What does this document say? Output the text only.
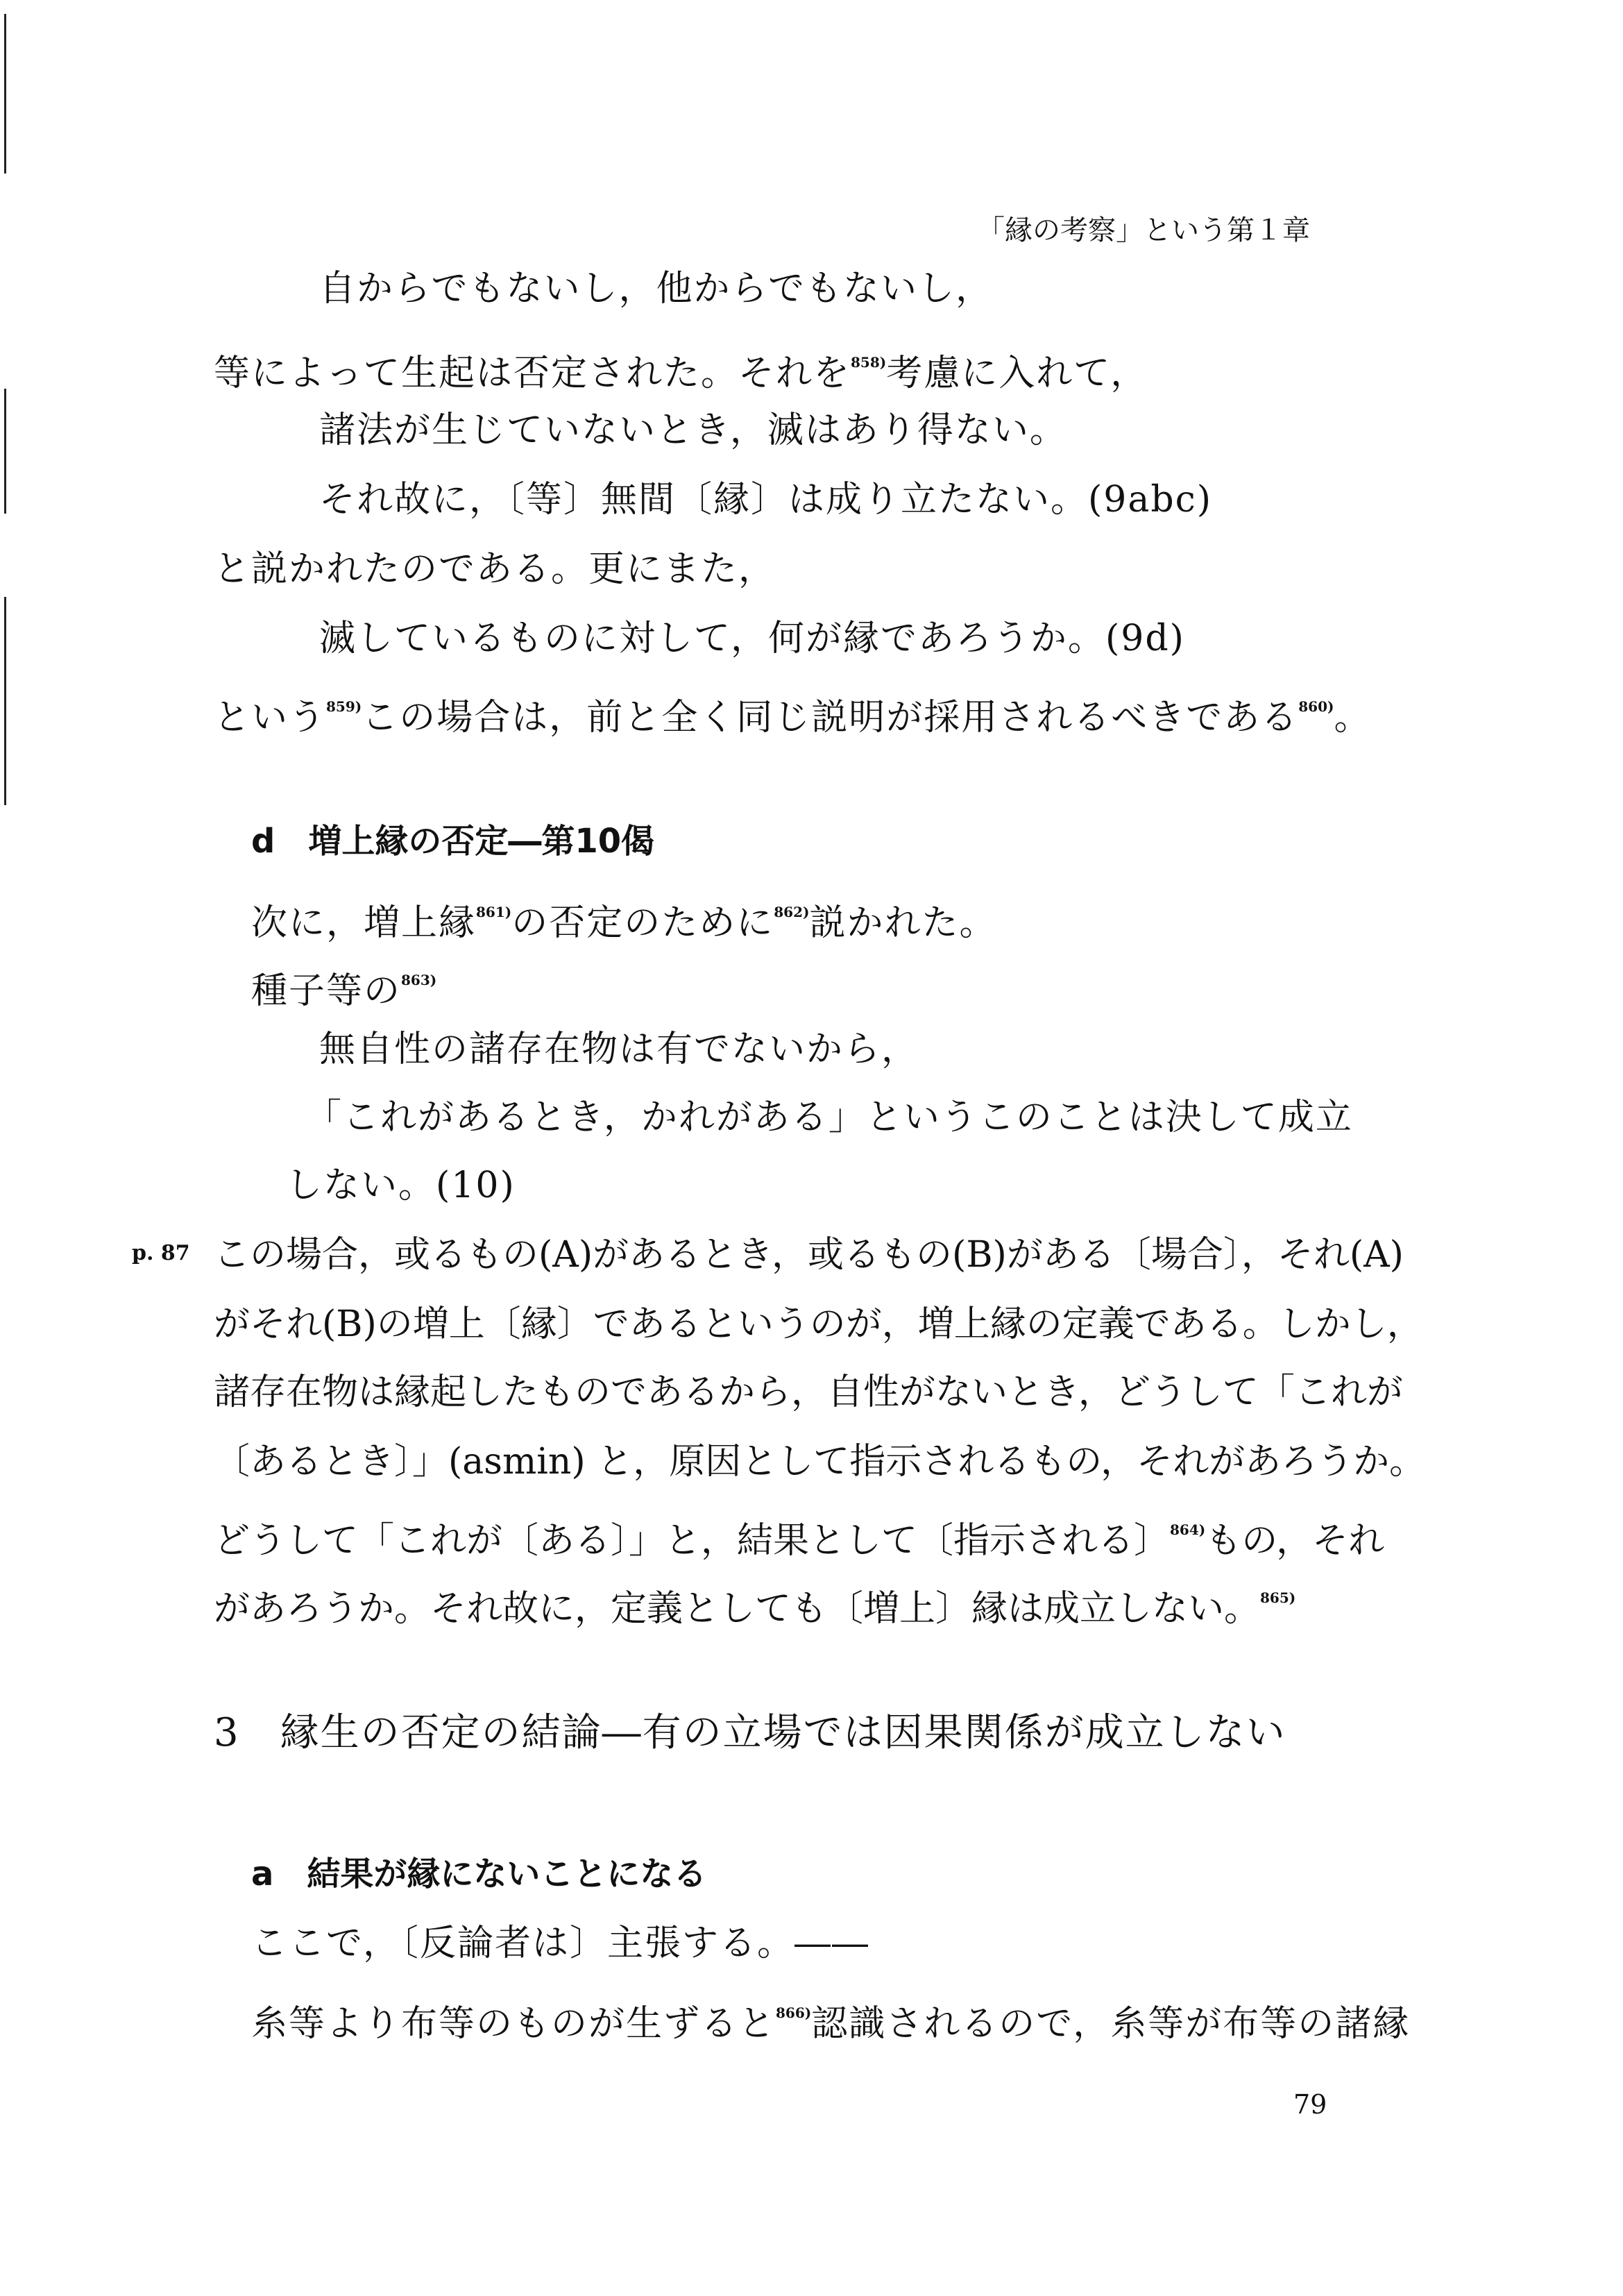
「縁の考察」という第１章
自からでもないし，他からでもないし，
等によって生起は否定された。それを$^{858)}$考慮に入れて，
諸法が生じていないとき，滅はあり得ない。
それ故に，〔等〕無間〔縁〕は成り立たない。(9abc)
と説かれたのである。更にまた，
滅しているものに対して，何が縁であろうか。(9d)
という$^{859)}$この場合は，前と全く同じ説明が採用されるべきである$^{860)}$。
d　増上縁の否定―第10偈
次に，増上縁$^{861)}$の否定のために$^{862)}$説かれた。
種子等の$^{863)}$
無自性の諸存在物は有でないから，
「これがあるとき，かれがある」というこのことは決して成立
しない。(10)
p. 87 この場合，或るもの(A)があるとき，或るもの(B)がある〔場合〕，それ(A)
がそれ(B)の増上〔縁〕であるというのが，増上縁の定義である。しかし，
諸存在物は縁起したものであるから，自性がないとき，どうして「これが
〔あるとき〕」(asmin) と，原因として指示されるもの，それがあろうか。
どうして「これが〔ある〕」と，結果として〔指示される〕$^{864)}$もの，それ
があろうか。それ故に，定義としても〔増上〕縁は成立しない。$^{865)}$
3　縁生の否定の結論―有の立場では因果関係が成立しない
a　結果が縁にないことになる
ここで，〔反論者は〕主張する。――
糸等より布等のものが生ずると$^{866)}$認識されるので，糸等が布等の諸縁
79
